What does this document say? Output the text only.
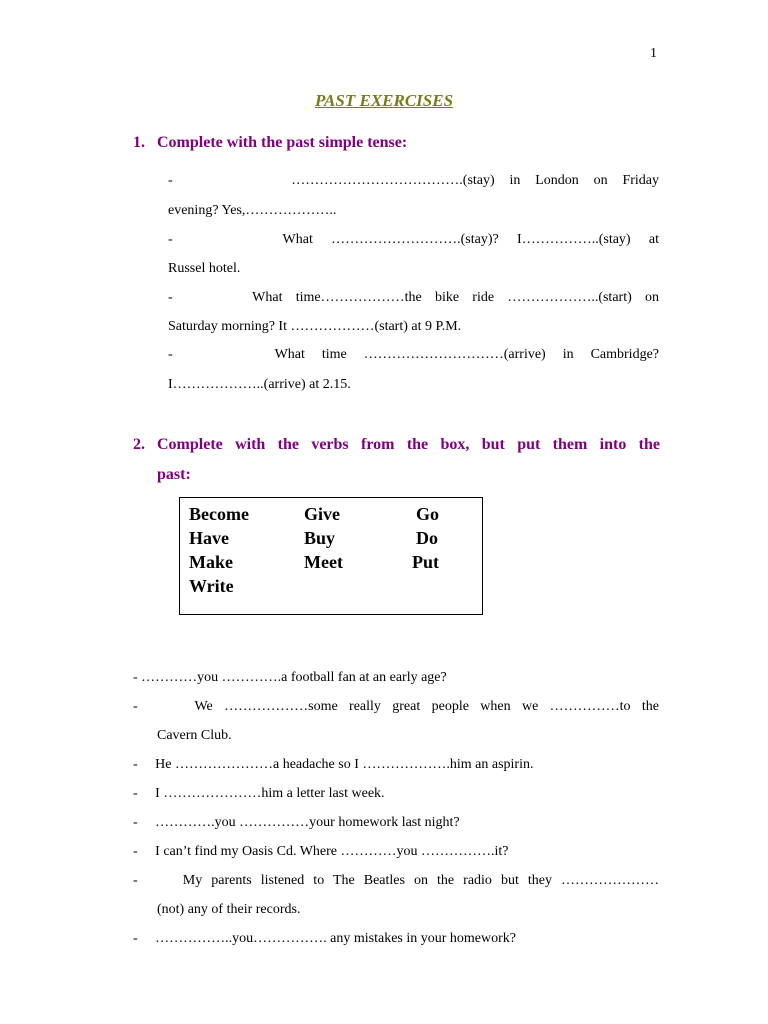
1
PAST EXERCISES
1. Complete with the past simple tense:
-        ……………………………….(stay) in London on Friday
evening? Yes,………………..
-      What ……………………….(stay)? I……………..(stay) at
Russel hotel.
-      What time………………the bike ride ………………..(start) on
Saturday morning? It ………………(start) at 9 P.M.
-      What time …………………………(arrive) in Cambridge?
I………………..(arrive) at 2.15.
2. Complete with the verbs from the box, but put them into the
past:
Become	Give	Go
Have	Buy	Do
Make	Meet	Put
Write
- …………you ………….a football fan at an early age?
-     We ………………some really great people when we ……………to the
Cavern Club.
-     He …………………a headache so I ……………….him an aspirin.
-     I …………………him a letter last week.
-     ………….you ……………your homework last night?
-     I can’t find my Oasis Cd. Where …………you …………….it?
-     My parents listened to The Beatles on the radio but they …………………
(not) any of their records.
-     ……………..you……………. any mistakes in your homework?
